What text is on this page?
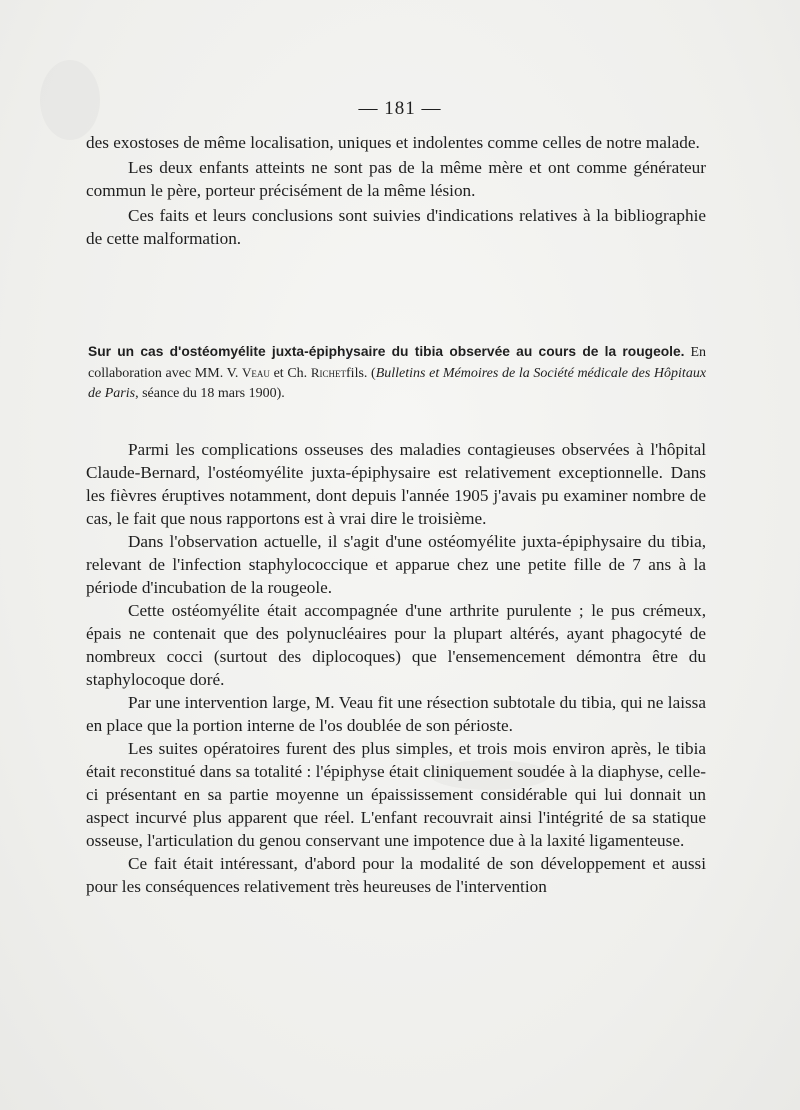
— 181 —

des exostoses de même localisation, uniques et indolentes comme celles de notre malade.

Les deux enfants atteints ne sont pas de la même mère et ont comme générateur commun le père, porteur précisément de la même lésion.

Ces faits et leurs conclusions sont suivies d'indications relatives à la bibliographie de cette malformation.

Sur un cas d'ostéomyélite juxta-épiphysaire du tibia observée au cours de la rougeole. En collaboration avec MM. V. Veau et Ch. Richetfils. (Bulletins et Mémoires de la Société médicale des Hôpitaux de Paris, séance du 18 mars 1900).

Parmi les complications osseuses des maladies contagieuses observées à l'hôpital Claude-Bernard, l'ostéomyélite juxta-épiphysaire est relativement exceptionnelle. Dans les fièvres éruptives notamment, dont depuis l'année 1905 j'avais pu examiner nombre de cas, le fait que nous rapportons est à vrai dire le troisième.

Dans l'observation actuelle, il s'agit d'une ostéomyélite juxta-épiphysaire du tibia, relevant de l'infection staphylococcique et apparue chez une petite fille de 7 ans à la période d'incubation de la rougeole.

Cette ostéomyélite était accompagnée d'une arthrite purulente ; le pus crémeux, épais ne contenait que des polynucléaires pour la plupart altérés, ayant phagocyté de nombreux cocci (surtout des diplocoques) que l'ensemencement démontra être du staphylocoque doré.

Par une intervention large, M. Veau fit une résection subtotale du tibia, qui ne laissa en place que la portion interne de l'os doublée de son périoste.

Les suites opératoires furent des plus simples, et trois mois environ après, le tibia était reconstitué dans sa totalité : l'épiphyse était cliniquement soudée à la diaphyse, celle-ci présentant en sa partie moyenne un épaississement considérable qui lui donnait un aspect incurvé plus apparent que réel. L'enfant recouvrait ainsi l'intégrité de sa statique osseuse, l'articulation du genou conservant une impotence due à la laxité ligamenteuse.

Ce fait était intéressant, d'abord pour la modalité de son développement et aussi pour les conséquences relativement très heureuses de l'intervention
